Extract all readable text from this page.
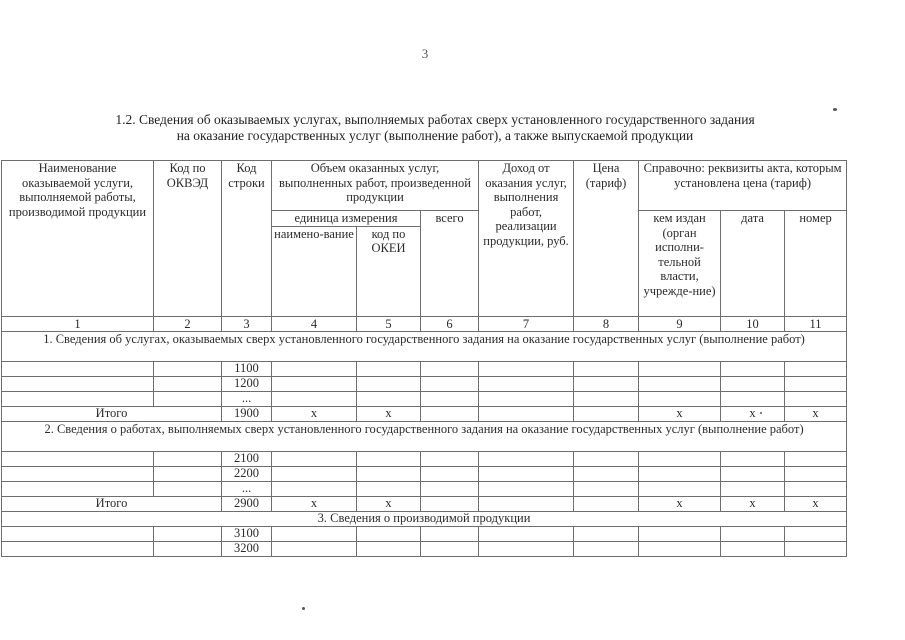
3
1.2. Сведения об оказываемых услугах, выполняемых работах сверх установленного государственного задания
на оказание государственных услуг (выполнение работ), а также выпускаемой продукции
Наименование оказываемой услуги, выполняемой работы, производимой продукции	Код по ОКВЭД	Код строки	Объем оказанных услуг, выполненных работ, произведенной продукции			Доход от оказания услуг, выполнения работ, реализации продукции, руб.	Цена (тариф)	Справочно: реквизиты акта, которым установлена цена (тариф)		
			единица измерения		всего			кем издан (орган исполни-тельной власти, учрежде-ние)	дата	номер
			наимено-вание	код по ОКЕИ						
1	2	3	4	5	6	7	8	9	10	11
1. Сведения об услугах, оказываемых сверх установленного государственного задания на оказание государственных услуг (выполнение работ)										
		1100								
		1200								
		...								
Итого		1900	x	x				x	x	x
2. Сведения о работах, выполняемых сверх установленного государственного задания на оказание государственных услуг (выполнение работ)										
		2100								
		2200								
		...								
Итого		2900	x	x				x	x	x
3. Сведения о производимой продукции										
		3100								
		3200								
